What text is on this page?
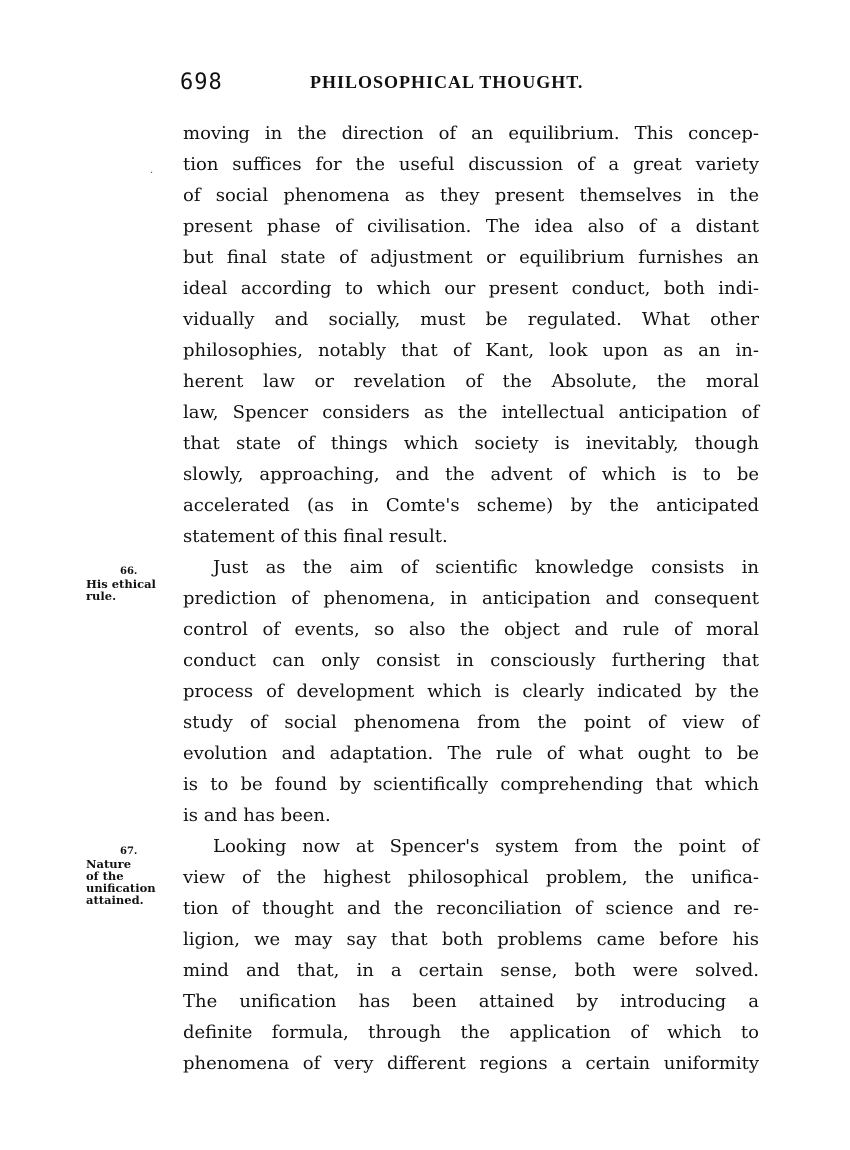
698	PHILOSOPHICAL THOUGHT.
·
moving in the direction of an equilibrium. This concep-
tion suffices for the useful discussion of a great variety
of social phenomena as they present themselves in the
present phase of civilisation. The idea also of a distant
but final state of adjustment or equilibrium furnishes an
ideal according to which our present conduct, both indi-
vidually and socially, must be regulated. What other
philosophies, notably that of Kant, look upon as an in-
herent law or revelation of the Absolute, the moral
law, Spencer considers as the intellectual anticipation of
that state of things which society is inevitably, though
slowly, approaching, and the advent of which is to be
accelerated (as in Comte's scheme) by the anticipated
statement of this final result.
Just as the aim of scientific knowledge consists in
prediction of phenomena, in anticipation and consequent
control of events, so also the object and rule of moral
conduct can only consist in consciously furthering that
process of development which is clearly indicated by the
study of social phenomena from the point of view of
evolution and adaptation. The rule of what ought to be
is to be found by scientifically comprehending that which
is and has been.
Looking now at Spencer's system from the point of
view of the highest philosophical problem, the unifica-
tion of thought and the reconciliation of science and re-
ligion, we may say that both problems came before his
mind and that, in a certain sense, both were solved.
The unification has been attained by introducing a
definite formula, through the application of which to
phenomena of very different regions a certain uniformity
66.
His ethical
rule.
67.
Nature
of the
unification
attained.
